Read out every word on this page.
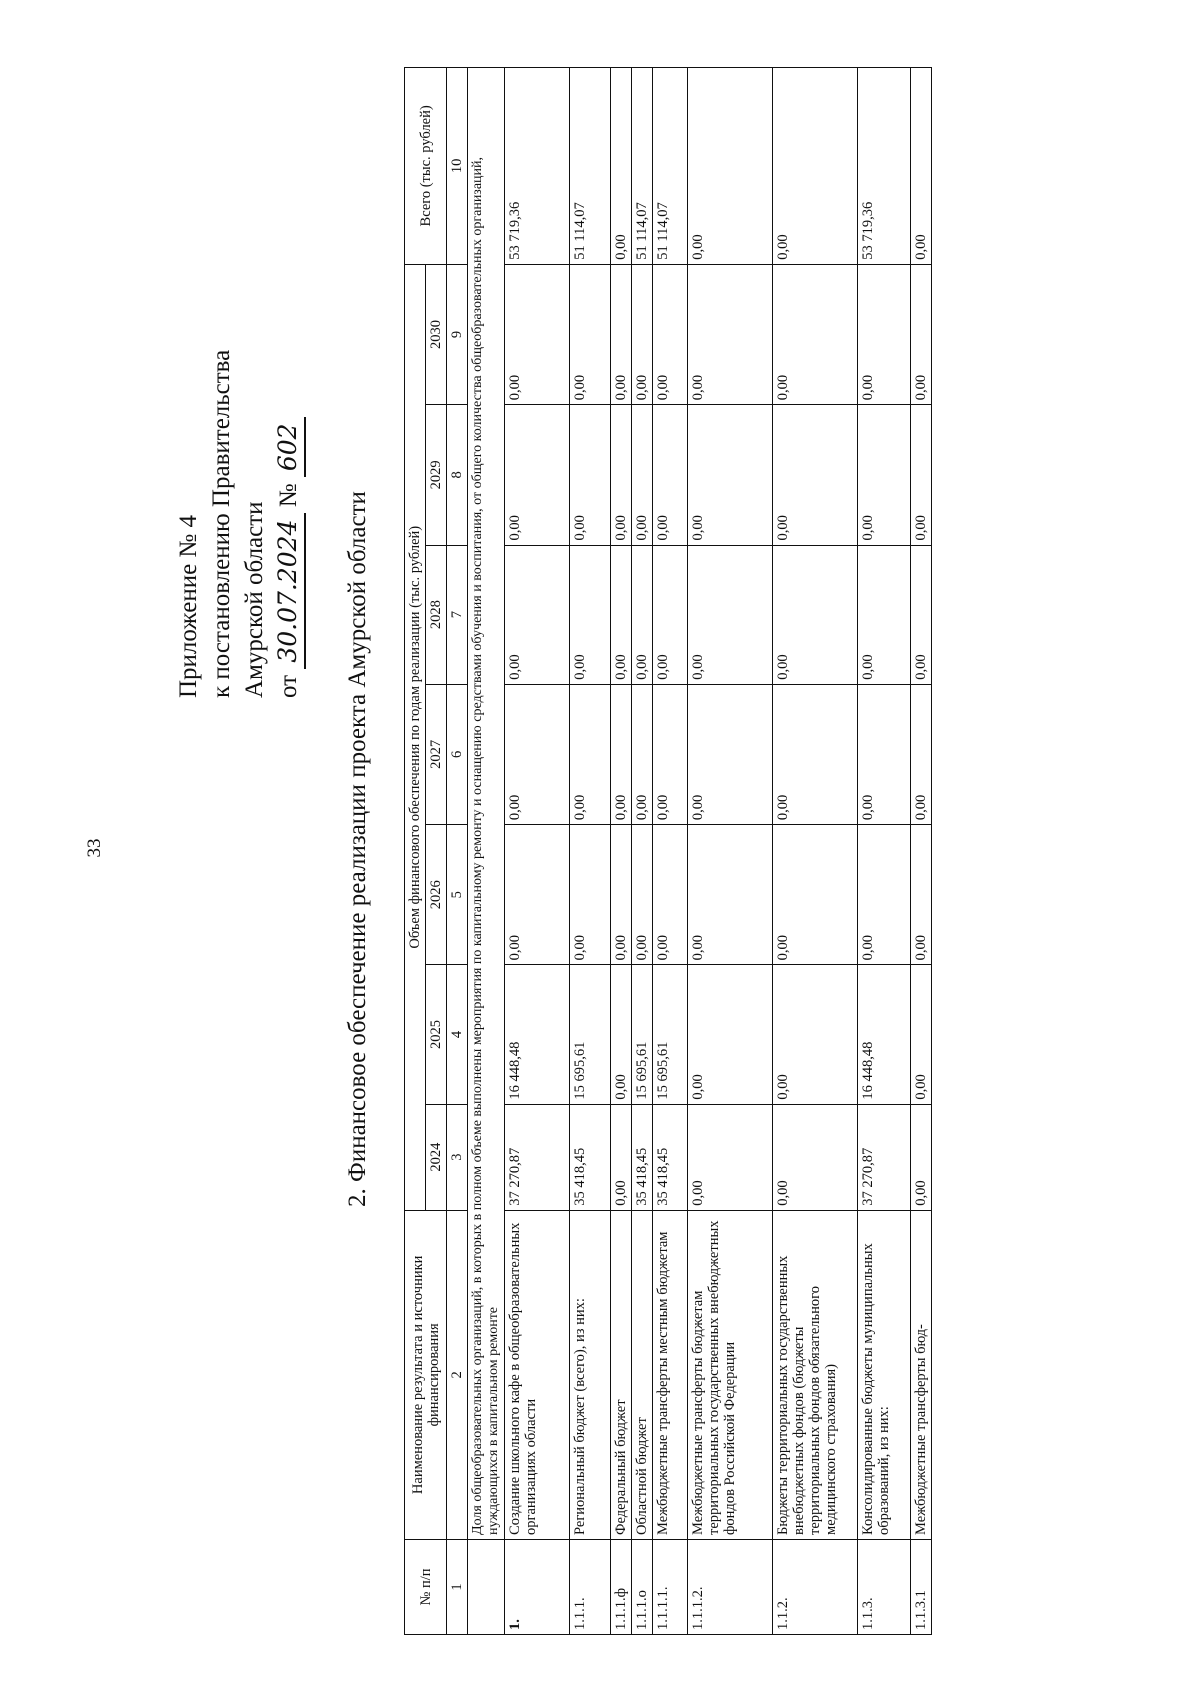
33
Приложение № 4 к постановлению Правительства Амурской области от 30.07.2024 № 602
2. Финансовое обеспечение реализации проекта Амурской области
№ п/п	Наименование результата и источники финансирования	Объем финансового обеспечения по годам реализации (тыс. рублей)							Всего (тыс. рублей)
		2024	2025	2026	2027	2028	2029	2030	
1	2	3	4	5	6	7	8	9	10
	Доля общеобразовательных организаций, в которых в полном объеме выполнены мероприятия по капитальному ремонту и оснащению средствами обучения и воспитания, от общего количества общеобразовательных организаций, нуждающихся в капитальном ремонте								
1.	Создание школьного кафе в общеобразовательных организациях области	37 270,87	16 448,48	0,00	0,00	0,00	0,00	0,00	53 719,36
1.1.1.	Региональный бюджет (всего), из них:	35 418,45	15 695,61	0,00	0,00	0,00	0,00	0,00	51 114,07
1.1.1.ф	Федеральный бюджет	0,00	0,00	0,00	0,00	0,00	0,00	0,00	0,00
1.1.1.о	Областной бюджет	35 418,45	15 695,61	0,00	0,00	0,00	0,00	0,00	51 114,07
1.1.1.1.	Межбюджетные трансферты местным бюджетам	35 418,45	15 695,61	0,00	0,00	0,00	0,00	0,00	51 114,07
1.1.1.2.	Межбюджетные трансферты бюджетам территориальных государственных внебюджетных фондов Российской Федерации	0,00	0,00	0,00	0,00	0,00	0,00	0,00	0,00
1.1.2.	Бюджеты территориальных государственных внебюджетных фондов (бюджеты территориальных фондов обязательного медицинского страхования)	0,00	0,00	0,00	0,00	0,00	0,00	0,00	0,00
1.1.3.	Консолидированные бюджеты муниципальных образований, из них:	37 270,87	16 448,48	0,00	0,00	0,00	0,00	0,00	53 719,36
1.1.3.1	Межбюджетные трансферты бюд-	0,00	0,00	0,00	0,00	0,00	0,00	0,00	0,00
